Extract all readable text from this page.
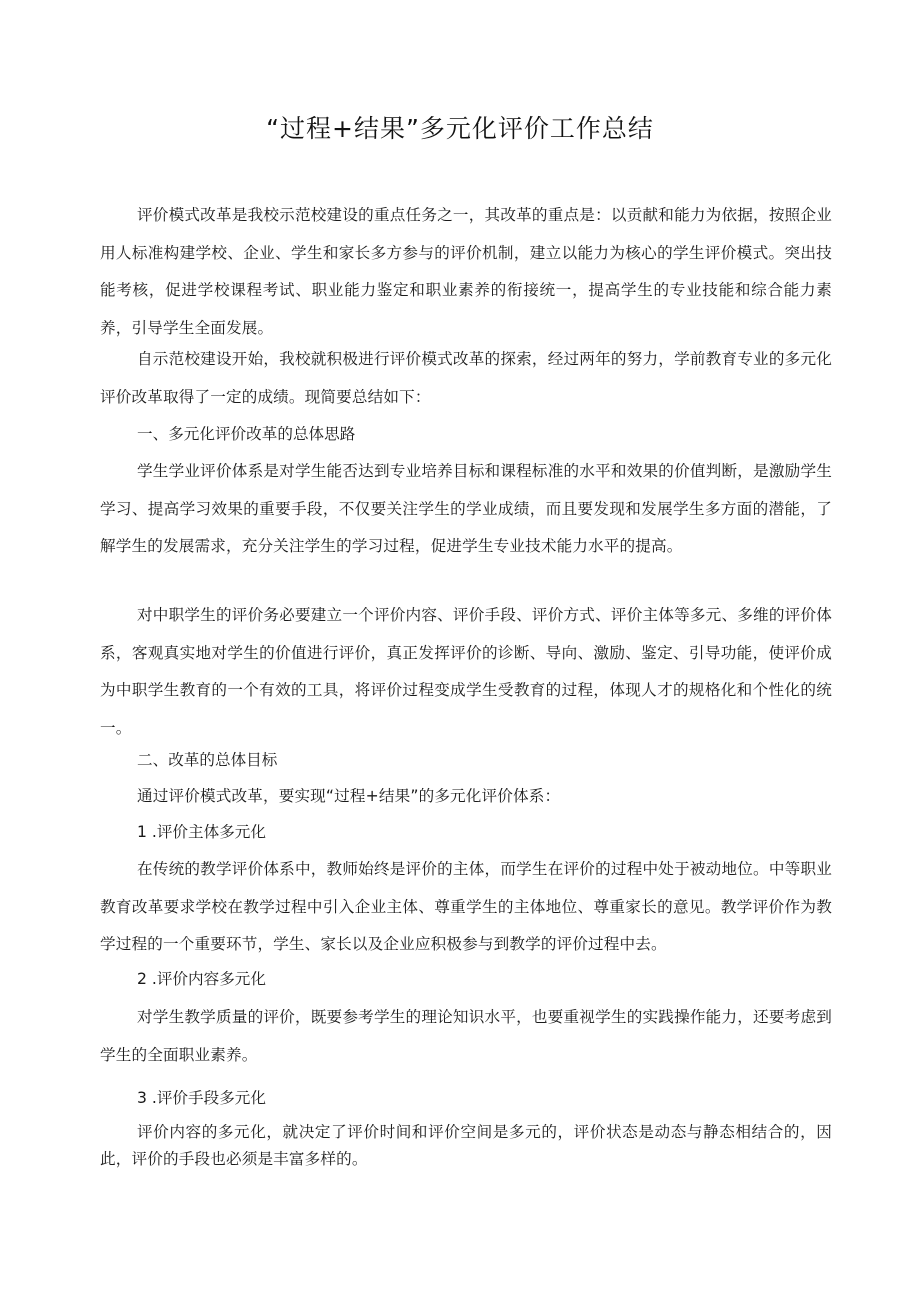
“过程+结果”多元化评价工作总结
评价模式改革是我校示范校建设的重点任务之一，其改革的重点是：以贡献和能力为依据，按照企业用人标准构建学校、企业、学生和家长多方参与的评价机制，建立以能力为核心的学生评价模式。突出技能考核，促进学校课程考试、职业能力鉴定和职业素养的衔接统一，提高学生的专业技能和综合能力素养，引导学生全面发展。
自示范校建设开始，我校就积极进行评价模式改革的探索，经过两年的努力，学前教育专业的多元化评价改革取得了一定的成绩。现简要总结如下：
一、多元化评价改革的总体思路
学生学业评价体系是对学生能否达到专业培养目标和课程标准的水平和效果的价值判断，是激励学生学习、提高学习效果的重要手段，不仅要关注学生的学业成绩，而且要发现和发展学生多方面的潜能，了解学生的发展需求，充分关注学生的学习过程，促进学生专业技术能力水平的提高。
对中职学生的评价务必要建立一个评价内容、评价手段、评价方式、评价主体等多元、多维的评价体系，客观真实地对学生的价值进行评价，真正发挥评价的诊断、导向、激励、鉴定、引导功能，使评价成为中职学生教育的一个有效的工具，将评价过程变成学生受教育的过程，体现人才的规格化和个性化的统一。
二、改革的总体目标
通过评价模式改革，要实现“过程+结果”的多元化评价体系：
1 .评价主体多元化
在传统的教学评价体系中，教师始终是评价的主体，而学生在评价的过程中处于被动地位。中等职业教育改革要求学校在教学过程中引入企业主体、尊重学生的主体地位、尊重家长的意见。教学评价作为教学过程的一个重要环节，学生、家长以及企业应积极参与到教学的评价过程中去。
2 .评价内容多元化
对学生教学质量的评价，既要参考学生的理论知识水平，也要重视学生的实践操作能力，还要考虑到学生的全面职业素养。
3 .评价手段多元化
评价内容的多元化，就决定了评价时间和评价空间是多元的，评价状态是动态与静态相结合的，因此，评价的手段也必须是丰富多样的。
